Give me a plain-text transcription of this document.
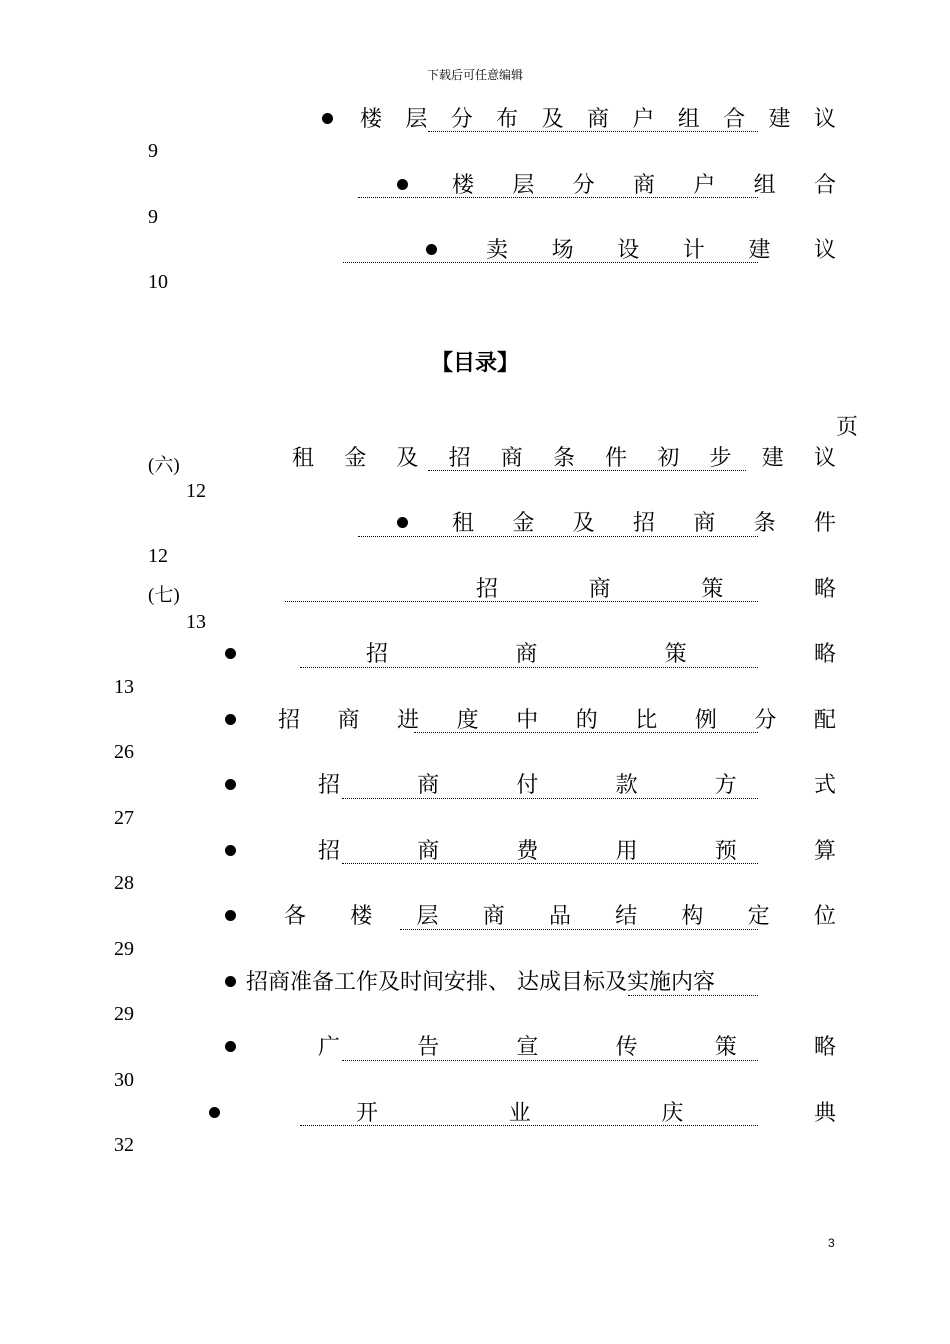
下载后可任意编辑
楼 层 分 布 及 商 户 组 合 建 议
9
楼 层 分 商 户 组 合
9
卖 场 设 计 建 议
10
【目录】
页
(六)	租 金 及 招 商 条 件 初 步 建 议
12
租 金 及 招 商 条 件
12
(七)	招	商	策	略
13
招	商	策	略
13
招 商 进 度 中 的 比 例 分 配
26
招	商	付	款	方	式
27
招	商	费	用	预	算
28
各 楼 层 商 品 结 构 定 位
29
招商准备工作及时间安排、 达成目标及实施内容
29
广	告	宣	传	策	略
30
开	业	庆	典
32
3
